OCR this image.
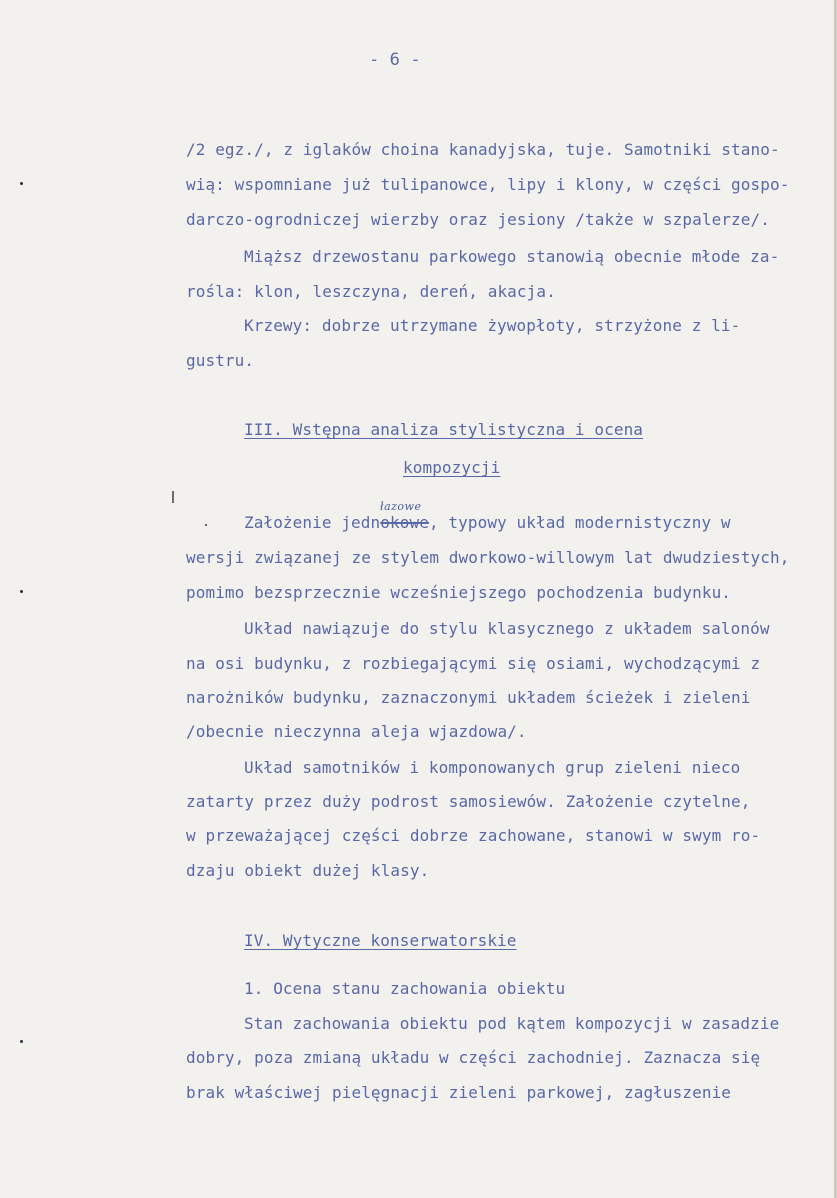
- 6 -
/2 egz./, z iglaków choina kanadyjska, tuje. Samotniki stano-
wią: wspomniane już tulipanowce, lipy i klony, w części gospo-
darczo-ogrodniczej wierzby oraz jesiony /także w szpalerze/.
Miąższ drzewostanu parkowego stanowią obecnie młode za-
rośla: klon, leszczyna, dereń, akacja.
Krzewy: dobrze utrzymane żywopłoty, strzyżone z li-
gustru.
III. Wstępna analiza stylistyczna i ocena
kompozycji
łazowe
Założenie jednokowe, typowy układ modernistyczny w
wersji związanej ze stylem dworkowo-willowym lat dwudziestych,
pomimo bezsprzecznie wcześniejszego pochodzenia budynku.
Układ nawiązuje do stylu klasycznego z układem salonów
na osi budynku, z rozbiegającymi się osiami, wychodzącymi z
narożników budynku, zaznaczonymi układem ścieżek i zieleni
/obecnie nieczynna aleja wjazdowa/.
Układ samotników i komponowanych grup zieleni nieco
zatarty przez duży podrost samosiewów. Założenie czytelne,
w przeważającej części dobrze zachowane, stanowi w swym ro-
dzaju obiekt dużej klasy.
IV. Wytyczne konserwatorskie
1. Ocena stanu zachowania obiektu
Stan zachowania obiektu pod kątem kompozycji w zasadzie
dobry, poza zmianą układu w części zachodniej. Zaznacza się
brak właściwej pielęgnacji zieleni parkowej, zagłuszenie
